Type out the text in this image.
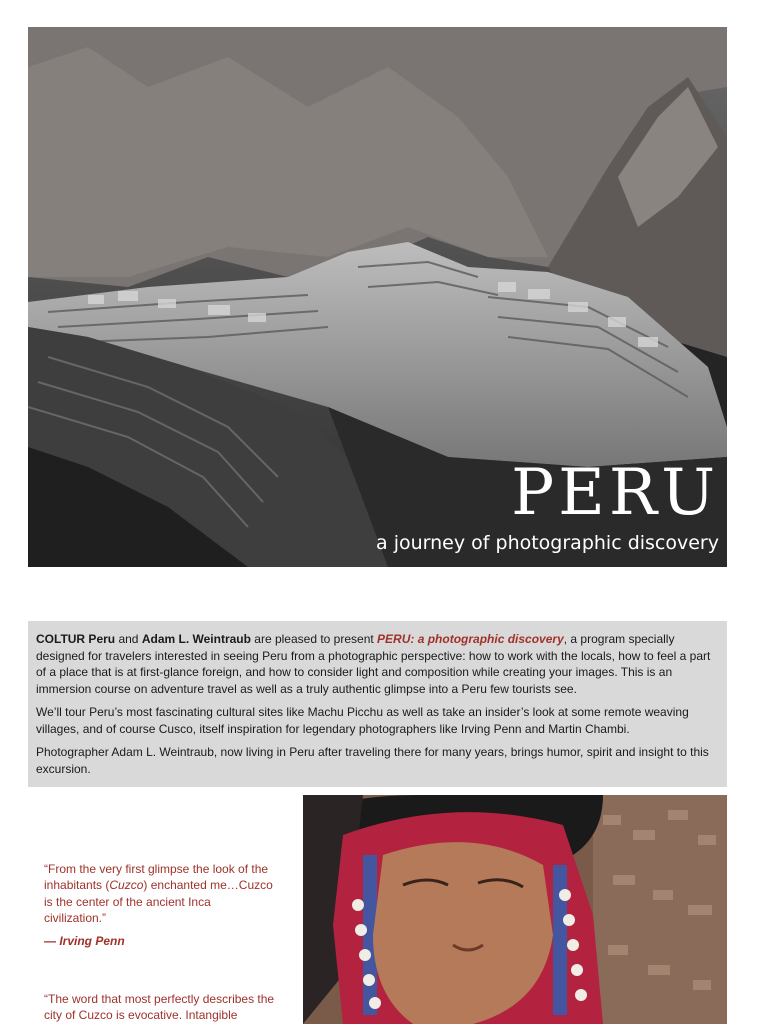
PERU

a journey of photographic discovery

COLTUR Peru and Adam L. Weintraub are pleased to present PERU: a photographic discovery, a program specially designed for travelers interested in seeing Peru from a photographic perspective: how to work with the locals, how to feel a part of a place that is at first-glance foreign, and how to consider light and composition while creating your images. This is an immersion course on adventure travel as well as a truly authentic glimpse into a Peru few tourists see.

We’ll tour Peru’s most fascinating cultural sites like Machu Picchu as well as take an insider’s look at some remote weaving villages, and of course Cusco, itself inspiration for legendary photographers like Irving Penn and Martin Chambi.

Photographer Adam L. Weintraub, now living in Peru after traveling there for many years, brings humor, spirit and insight to this excursion.

“From the very first glimpse the look of the inhabitants (Cuzco) enchanted me…Cuzco is the center of the ancient Inca civilization.”

— Irving Penn

“The word that most perfectly describes the city of Cuzco is evocative. Intangible
